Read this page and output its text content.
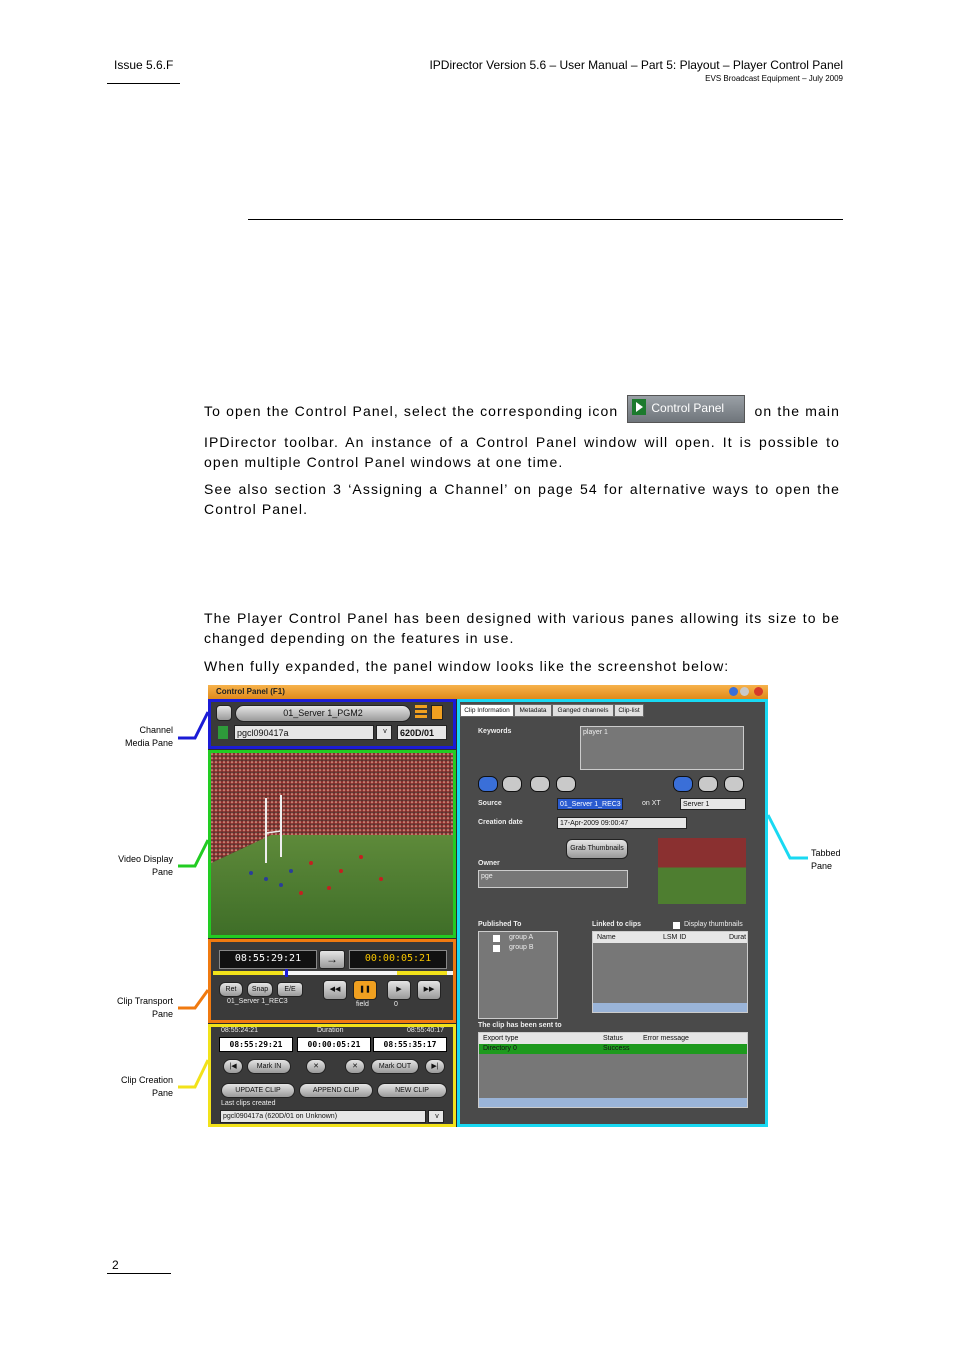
Issue 5.6.F	IPDirector Version 5.6 – User Manual – Part 5: Playout – Player Control Panel
EVS Broadcast Equipment – July 2009
To open the Control Panel, select the corresponding icon	Control Panel on the main IPDirector toolbar. An instance of a Control Panel window will open. It is possible to open multiple Control Panel windows at one time.
See also section 3 ‘Assigning a Channel’ on page 54 for alternative ways to open the Control Panel.
The Player Control Panel has been designed with various panes allowing its size to be changed depending on the features in use.
When fully expanded, the panel window looks like the screenshot below:
Channel
Media Pane
Video Display
Pane
Clip Transport
Pane
Clip Creation
Pane
Tabbed
Pane
Control Panel (F1)
01_Server 1_PGM2
pgcl090417a	v	620D/01
08:55:29:21	→	00:00:05:21
Ret	Snap	E/E	◀◀	❚❚	▶	▶▶
01_Server 1_REC3	field	0
08:55:24:21	Duration	08:55:40:17
08:55:29:21	00:00:05:21	08:55:35:17
|◀	Mark IN	✕	✕	Mark OUT	▶|
UPDATE CLIP	APPEND CLIP	NEW CLIP
Last clips created
pgcl090417a (620D/01 on Unknown)	v
Clip Information	Metadata	Ganged channels	Clip-list
Keywords	player 1
Source	01_Server 1_REC3	on XT	Server 1
Creation date	17-Apr-2009 09:00:47
Grab Thumbnails
Owner
pge
Published To
group A
group B
Linked to clips	Display thumbnails
Name	LSM ID	Durat
The clip has been sent to
Export type	Status	Error message
Directory 0	Success
2
